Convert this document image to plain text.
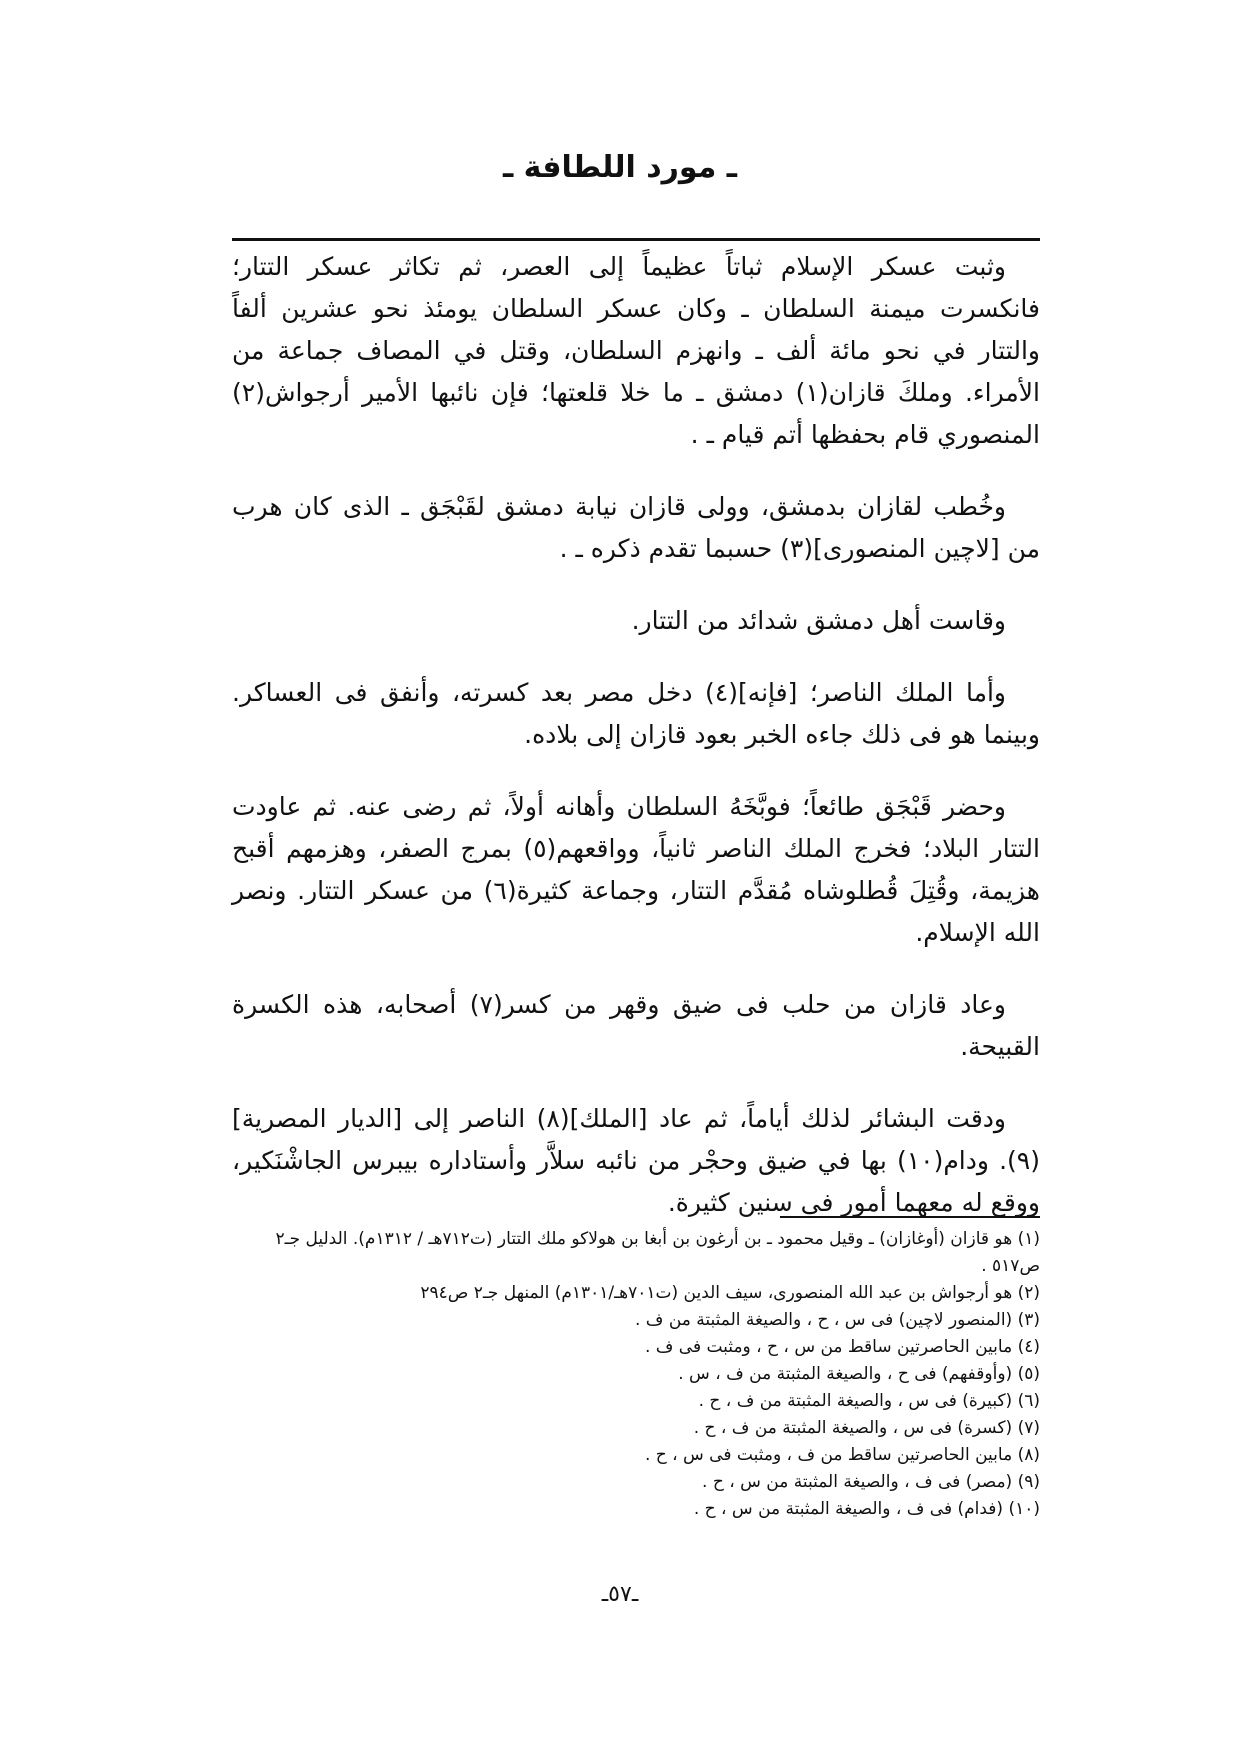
ـ مورد اللطافة ـ

وثبت عسكر الإسلام ثباتاً عظيماً إلى العصر، ثم تكاثر عسكر التتار؛ فانكسرت ميمنة السلطان ـ وكان عسكر السلطان يومئذ نحو عشرين ألفاً والتتار في نحو مائة ألف ـ وانهزم السلطان، وقتل في المصاف جماعة من الأمراء. وملكَ قازان(١) دمشق ـ ما خلا قلعتها؛ فإن نائبها الأمير أرجواش(٢) المنصوري قام بحفظها أتم قيام ـ .

وخُطب لقازان بدمشق، وولى قازان نيابة دمشق لقَبْجَق ـ الذى كان هرب من [لاچين المنصورى](٣) حسبما تقدم ذكره ـ .

وقاست أهل دمشق شدائد من التتار.

وأما الملك الناصر؛ [فإنه](٤) دخل مصر بعد كسرته، وأنفق فى العساكر. وبينما هو فى ذلك جاءه الخبر بعود قازان إلى بلاده.

وحضر قَبْجَق طائعاً؛ فوبَّخَهُ السلطان وأهانه أولاً، ثم رضى عنه. ثم عاودت التتار البلاد؛ فخرج الملك الناصر ثانياً، وواقعهم(٥) بمرج الصفر، وهزمهم أقبح هزيمة، وقُتِلَ قُطلوشاه مُقدَّم التتار، وجماعة كثيرة(٦) من عسكر التتار. ونصر الله الإسلام.

وعاد قازان من حلب فى ضيق وقهر من كسر(٧) أصحابه، هذه الكسرة القبيحة.

ودقت البشائر لذلك أياماً، ثم عاد [الملك](٨) الناصر إلى [الديار المصرية](٩). ودام(١٠) بها في ضيق وحجْر من نائبه سلاَّر وأستاداره بيبرس الجاشْنَكير، ووقع له معهما أمور فى سنين كثيرة.

(١) هو قازان (أوغازان) ـ وقيل محمود ـ بن أرغون بن أبغا بن هولاكو ملك التتار (ت٧١٢هـ / ١٣١٢م). الدليل جـ٢ ص٥١٧ .
(٢) هو أرجواش بن عبد الله المنصورى، سيف الدين (ت٧٠١هـ/١٣٠١م) المنهل جـ٢ ص٢٩٤
(٣) (المنصور لاچين) فى س ، ح ، والصيغة المثبتة من ف .
(٤) مابين الحاصرتين ساقط من س ، ح ، ومثبت فى ف .
(٥) (وأوقفهم) فى ح ، والصيغة المثبتة من ف ، س .
(٦) (كبيرة) فى س ، والصيغة المثبتة من ف ، ح .
(٧) (كسرة) فى س ، والصيغة المثبتة من ف ، ح .
(٨) مابين الحاصرتين ساقط من ف ، ومثبت فى س ، ح .
(٩) (مصر) فى ف ، والصيغة المثبتة من س ، ح .
(١٠) (فدام) فى ف ، والصيغة المثبتة من س ، ح .
ـ٥٧ـ
